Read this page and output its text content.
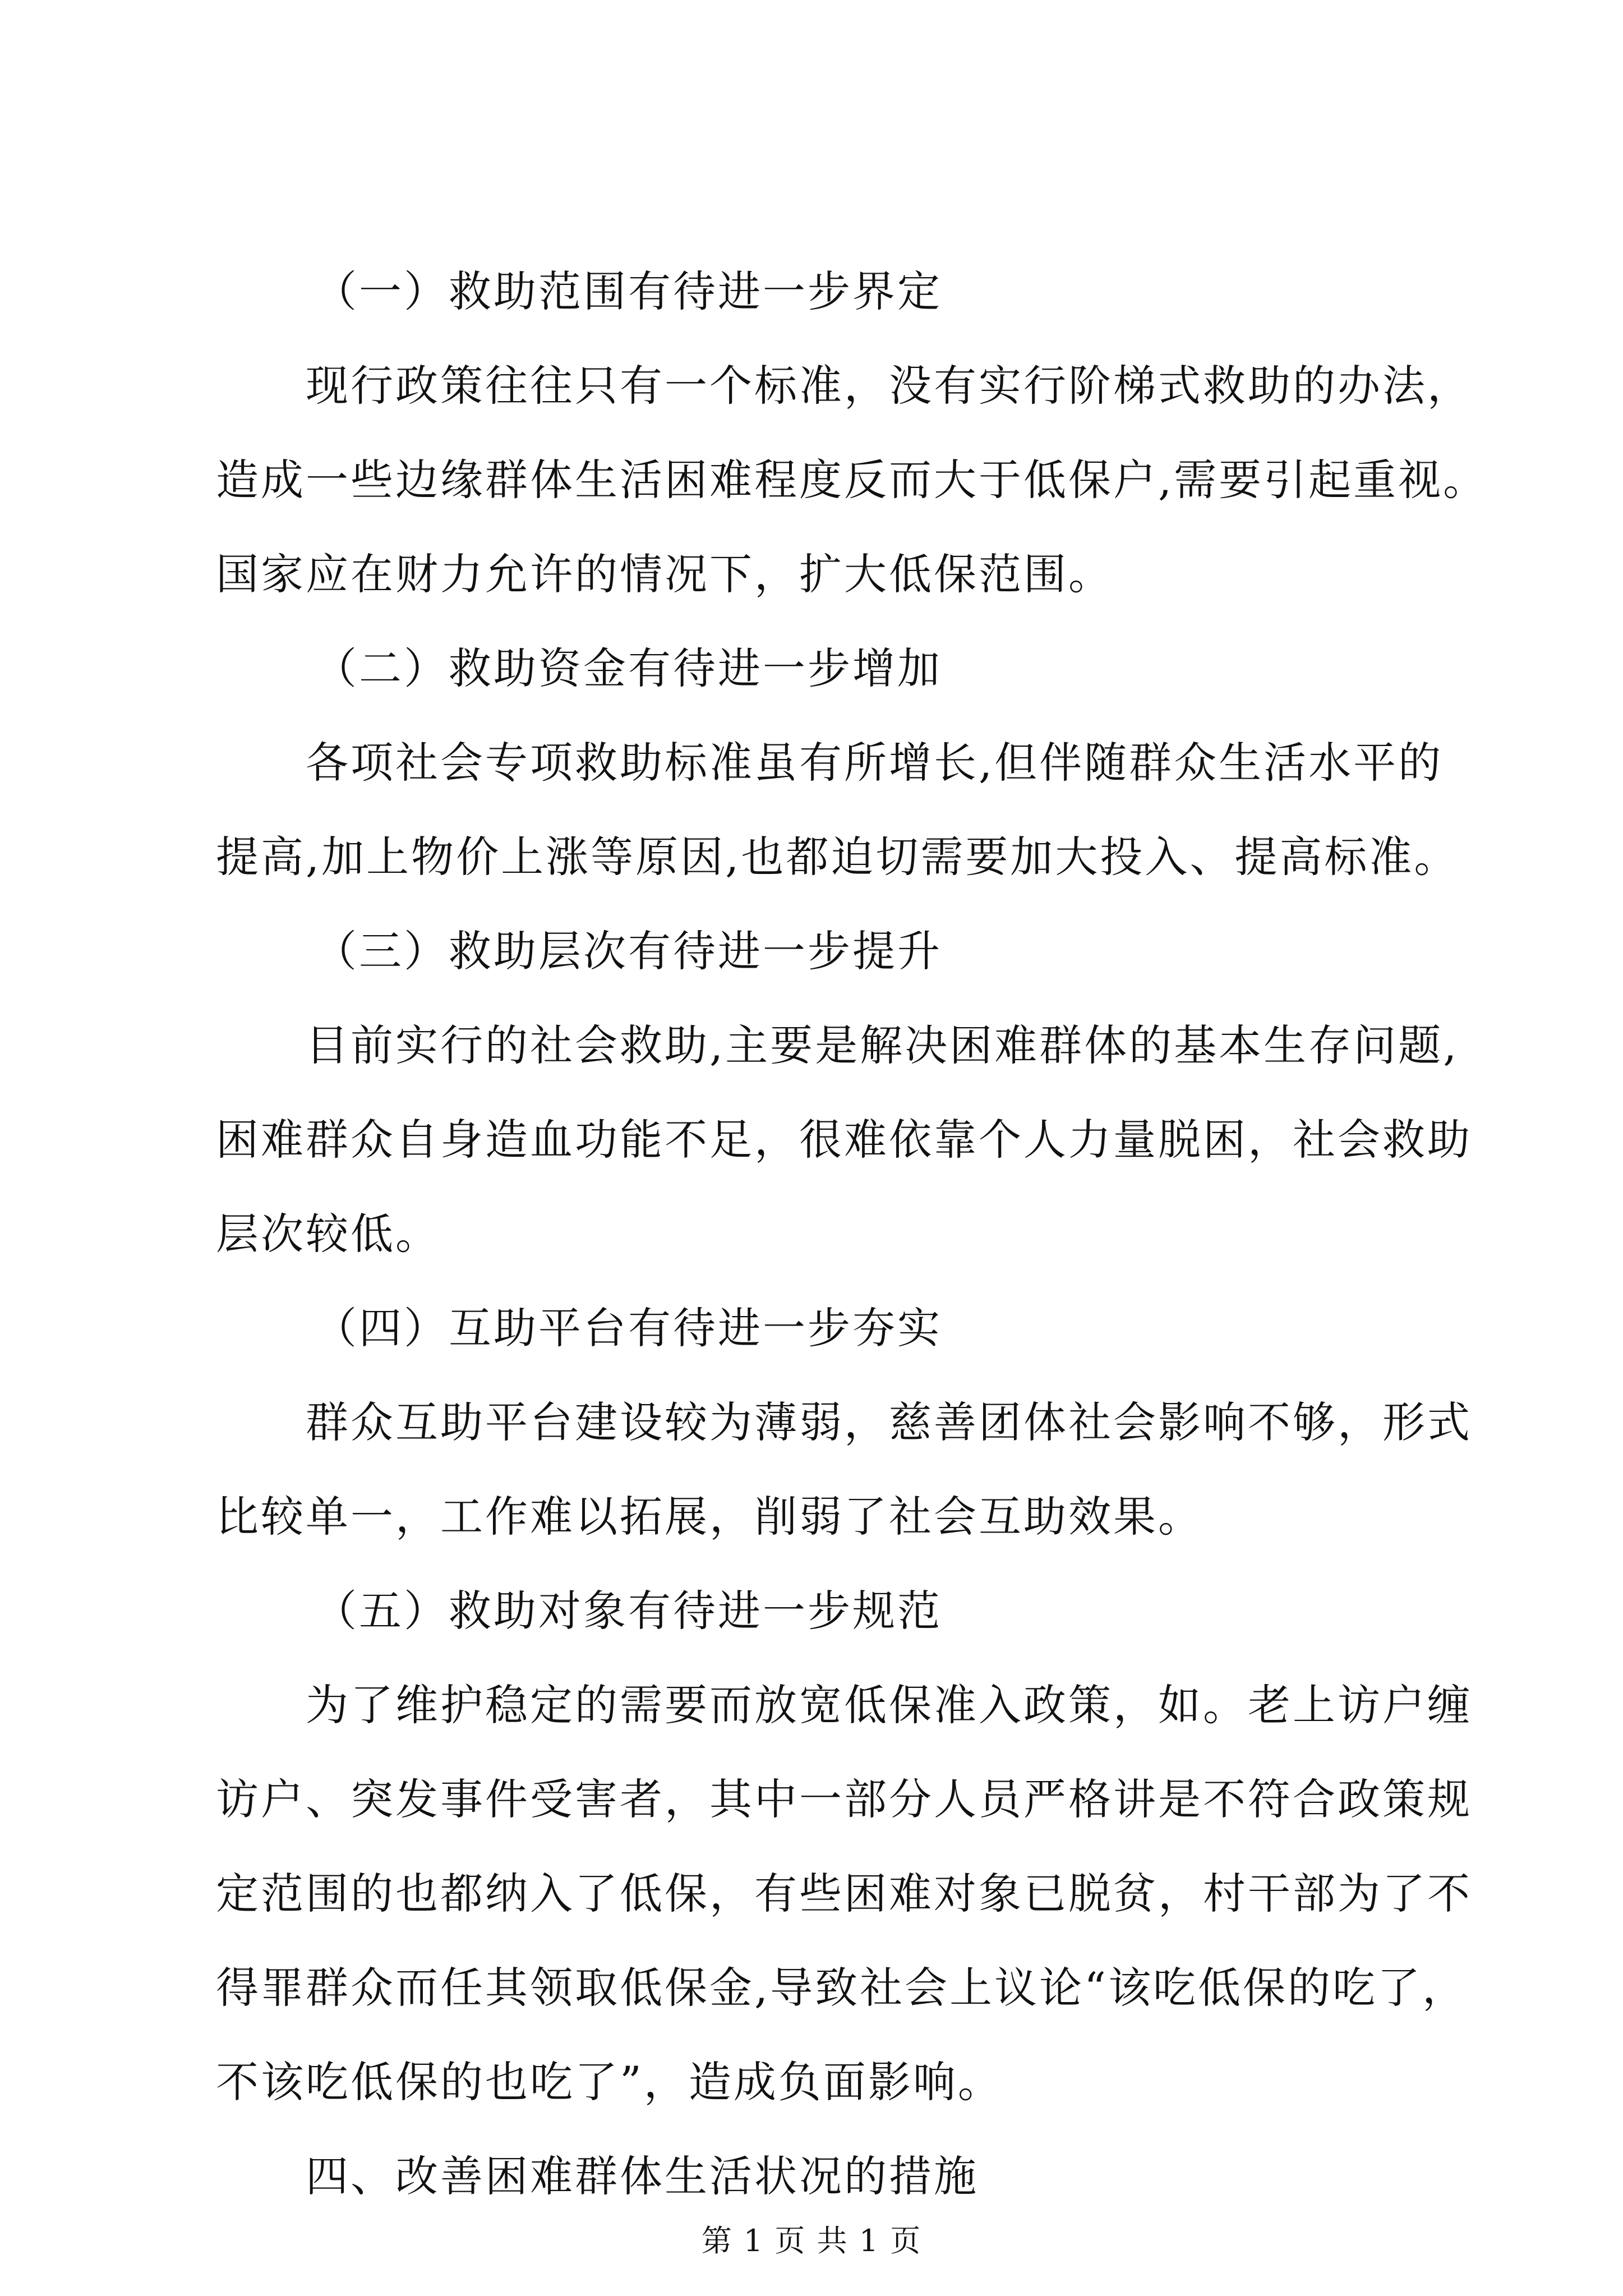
（一）救助范围有待进一步界定
现行政策往往只有一个标准，没有实行阶梯式救助的办法，
造成一些边缘群体生活困难程度反而大于低保户,需要引起重视。
国家应在财力允许的情况下，扩大低保范围。
（二）救助资金有待进一步增加
各项社会专项救助标准虽有所增长,但伴随群众生活水平的
提高,加上物价上涨等原因,也都迫切需要加大投入、提高标准。
（三）救助层次有待进一步提升
目前实行的社会救助,主要是解决困难群体的基本生存问题,
困难群众自身造血功能不足，很难依靠个人力量脱困，社会救助
层次较低。
（四）互助平台有待进一步夯实
群众互助平台建设较为薄弱，慈善团体社会影响不够，形式
比较单一，工作难以拓展，削弱了社会互助效果。
（五）救助对象有待进一步规范
为了维护稳定的需要而放宽低保准入政策，如。老上访户缠
访户、突发事件受害者，其中一部分人员严格讲是不符合政策规
定范围的也都纳入了低保，有些困难对象已脱贫，村干部为了不
得罪群众而任其领取低保金,导致社会上议论“该吃低保的吃了，
不该吃低保的也吃了”，造成负面影响。
四、改善困难群体生活状况的措施
第 1 页 共 1 页
